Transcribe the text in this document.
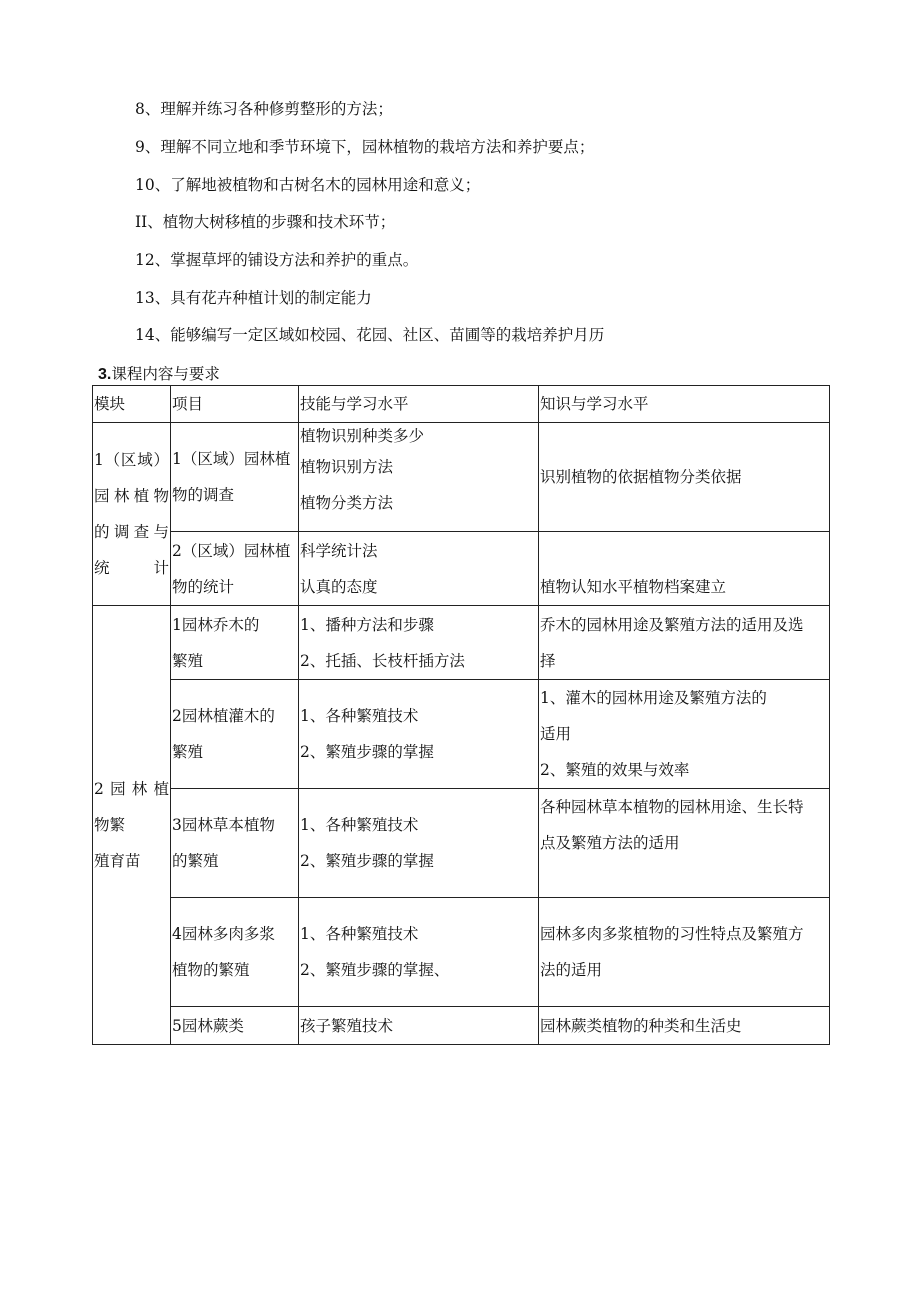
8、理解并练习各种修剪整形的方法；
9、理解不同立地和季节环境下，园林植物的栽培方法和养护要点；
10、了解地被植物和古树名木的园林用途和意义；
II、植物大树移植的步骤和技术环节；
12、掌握草坪的铺设方法和养护的重点。
13、具有花卉种植计划的制定能力
14、能够编写一定区域如校园、花园、社区、苗圃等的栽培养护月历
3.课程内容与要求
模块	项目	技能与学习水平	知识与学习水平

1（区域）
园林植物
的调查与
统计	1（区域）园林植
物的调查	植物识别种类多少
植物识别方法
植物分类方法	识别植物的依据植物分类依据

	2（区域）园林植
物的统计	科学统计法
认真的态度	植物认知水平植物档案建立

2园林植
物繁
殖育苗	1园林乔木的
繁殖	1、播种方法和步骤
2、托插、长枝杆插方法	乔木的园林用途及繁殖方法的适用及选
择

	2园林植灌木的
繁殖	1、各种繁殖技术
2、繁殖步骤的掌握	1、灌木的园林用途及繁殖方法的
适用
2、繁殖的效果与效率

	3园林草本植物
的繁殖	1、各种繁殖技术
2、繁殖步骤的掌握	各种园林草本植物的园林用途、生长特
点及繁殖方法的适用

	4园林多肉多浆
植物的繁殖	1、各种繁殖技术
2、繁殖步骤的掌握、	园林多肉多浆植物的习性特点及繁殖方
法的适用

	5园林蕨类	孩子繁殖技术	园林蕨类植物的种类和生活史
